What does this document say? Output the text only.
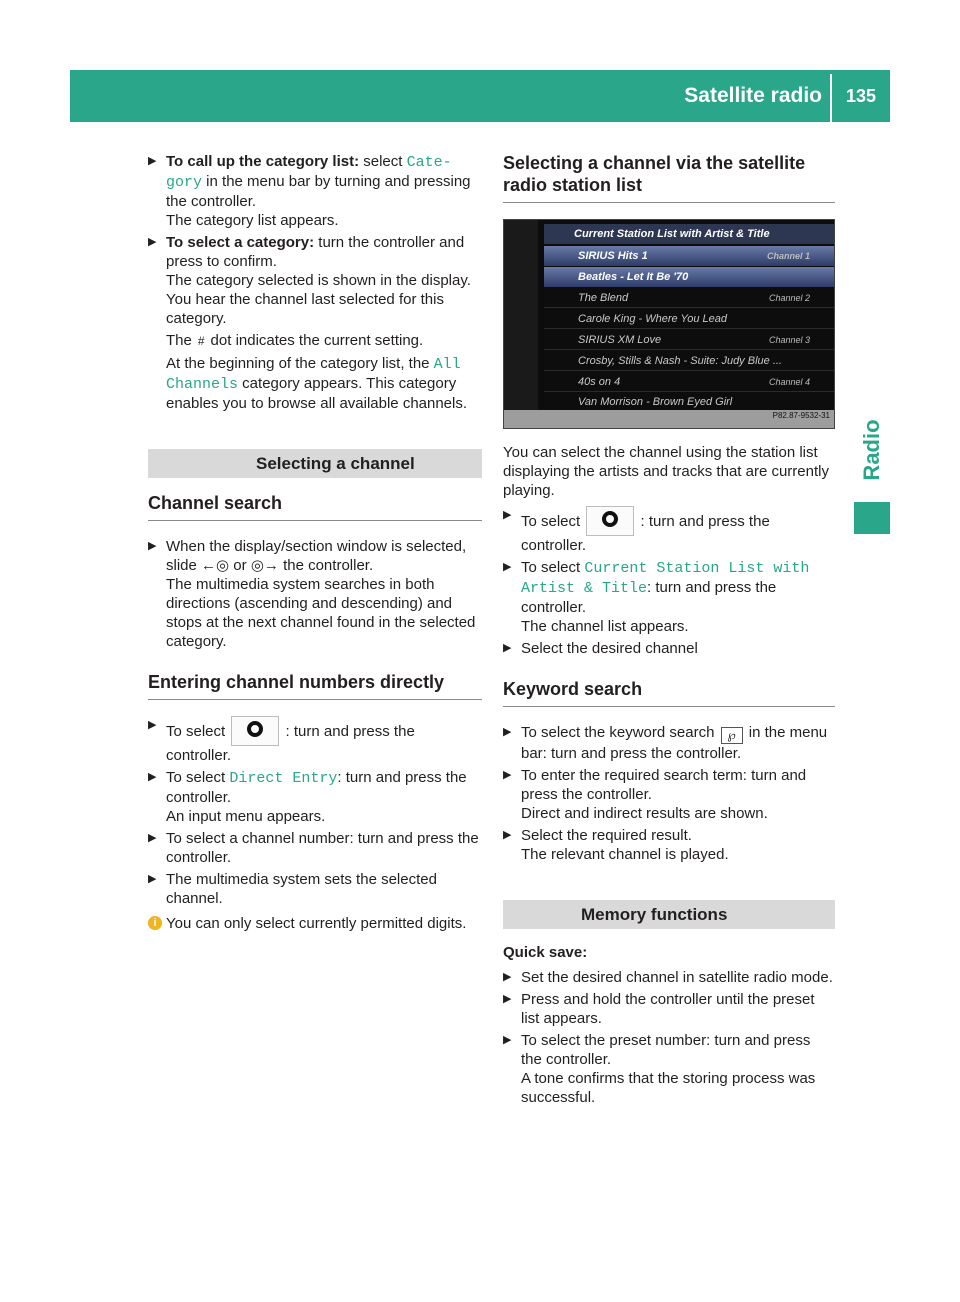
Satellite radio 135
Radio
▶ To call up the category list: select Cate‐ gory in the menu bar by turning and pressing the controller.
The category list appears.
▶ To select a category: turn the controller and press to confirm.
The category selected is shown in the display. You hear the channel last selected for this category.
The # dot indicates the current setting.
At the beginning of the category list, the All Channels category appears. This category enables you to browse all available channels.
Selecting a channel
Channel search
▶ When the display/section window is selected, slide ←◎ or ◎→ the controller.
The multimedia system searches in both directions (ascending and descending) and stops at the next channel found in the selected category.
Entering channel numbers directly
▶ To select	: turn and press the controller.
▶ To select Direct Entry: turn and press the controller.
An input menu appears.
▶ To select a channel number: turn and press the controller.
▶ The multimedia system sets the selected channel.
i You can only select currently permitted digits.
Selecting a channel via the satellite radio station list
Current Station List with Artist & Title
SIRIUS Hits 1	Channel 1
Beatles - Let It Be '70
The Blend	Channel 2
Carole King - Where You Lead
SIRIUS XM Love	Channel 3
Crosby, Stills & Nash - Suite: Judy Blue ...
40s on 4	Channel 4
Van Morrison - Brown Eyed Girl
P82.87-9532-31
You can select the channel using the station list displaying the artists and tracks that are currently playing.
▶ To select	: turn and press the controller.
▶ To select Current Station List with Artist & Title: turn and press the controller.
The channel list appears.
▶ Select the desired channel
Keyword search
▶ To select the keyword search ℘ in the menu bar: turn and press the controller.
▶ To enter the required search term: turn and press the controller.
Direct and indirect results are shown.
▶ Select the required result.
The relevant channel is played.
Memory functions
Quick save:
▶ Set the desired channel in satellite radio mode.
▶ Press and hold the controller until the preset list appears.
▶ To select the preset number: turn and press the controller.
A tone confirms that the storing process was successful.
